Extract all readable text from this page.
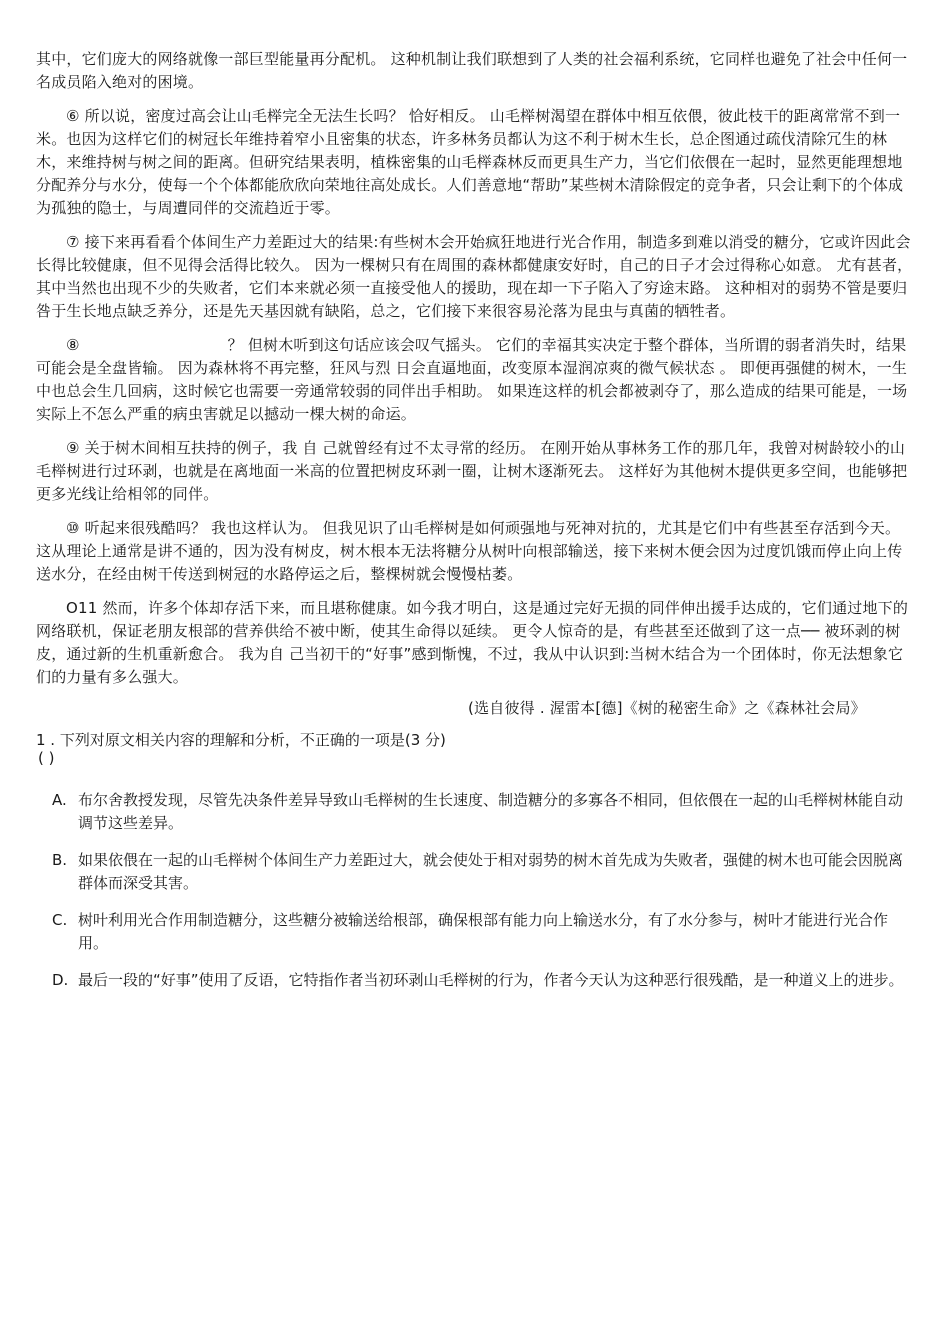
其中，它们庞大的网络就像一部巨型能量再分配机。 这种机制让我们联想到了人类的社会福利系统，它同样也避免了社会中任何一名成员陷入绝对的困境。

⑥ 所以说，密度过高会让山毛榉完全无法生长吗？ 恰好相反。 山毛榉树渴望在群体中相互依偎，彼此枝干的距离常常不到一米。也因为这样它们的树冠长年维持着窄小且密集的状态，许多林务员都认为这不利于树木生长，总企图通过疏伐清除冗生的林木，来维持树与树之间的距离。但研究结果表明，植株密集的山毛榉森林反而更具生产力，当它们依偎在一起时，显然更能理想地分配养分与水分，使每一个个体都能欣欣向荣地往高处成长。人们善意地“帮助”某些树木清除假定的竞争者，只会让剩下的个体成为孤独的隐士，与周遭同伴的交流趋近于零。

⑦ 接下来再看看个体间生产力差距过大的结果:有些树木会开始疯狂地进行光合作用，制造多到难以消受的糖分，它或许因此会长得比较健康，但不见得会活得比较久。 因为一棵树只有在周围的森林都健康安好时，自己的日子才会过得称心如意。 尤有甚者，其中当然也出现不少的失败者，它们本来就必须一直接受他人的援助，现在却一下子陷入了穷途末路。 这种相对的弱势不管是要归咎于生长地点缺乏养分，还是先天基因就有缺陷，总之，它们接下来很容易沦落为昆虫与真菌的牺牲者。

⑧	？ 但树木听到这句话应该会叹气摇头。 它们的幸福其实决定于整个群体，当所谓的弱者消失时，结果可能会是全盘皆输。 因为森林将不再完整，狂风与烈 日会直逼地面，改变原本湿润凉爽的微气候状态 。 即便再强健的树木，一生中也总会生几回病，这时候它也需要一旁通常较弱的同伴出手相助。 如果连这样的机会都被剥夺了，那么造成的结果可能是，一场实际上不怎么严重的病虫害就足以撼动一棵大树的命运。

⑨ 关于树木间相互扶持的例子，我 自 己就曾经有过不太寻常的经历。 在刚开始从事林务工作的那几年，我曾对树龄较小的山毛榉树进行过环剥，也就是在离地面一米高的位置把树皮环剥一圈，让树木逐渐死去。 这样好为其他树木提供更多空间，也能够把更多光线让给相邻的同伴。

⑩ 听起来很残酷吗？ 我也这样认为。 但我见识了山毛榉树是如何顽强地与死神对抗的，尤其是它们中有些甚至存活到今天。 这从理论上通常是讲不通的，因为没有树皮，树木根本无法将糖分从树叶向根部输送，接下来树木便会因为过度饥饿而停止向上传送水分，在经由树干传送到树冠的水路停运之后，整棵树就会慢慢枯萎。

O11 然而，许多个体却存活下来，而且堪称健康。如今我才明白，这是通过完好无损的同伴伸出援手达成的，它们通过地下的网络联机，保证老朋友根部的营养供给不被中断，使其生命得以延续。 更令人惊奇的是，有些甚至还做到了这一点── 被环剥的树皮，通过新的生机重新愈合。 我为自 己当初干的“好事”感到惭愧，不过，我从中认识到:当树木结合为一个团体时，你无法想象它们的力量有多么强大。

(选自彼得 . 渥雷本[德]《树的秘密生命》之《森林社会局》

1 . 下列对原文相关内容的理解和分析，不正确的一项是(3 分)
( )
A. 布尔舍教授发现，尽管先决条件差异导致山毛榉树的生长速度、制造糖分的多寡各不相同，但依偎在一起的山毛榉树林能自动调节这些差异。
B. 如果依偎在一起的山毛榉树个体间生产力差距过大，就会使处于相对弱势的树木首先成为失败者，强健的树木也可能会因脱离群体而深受其害。
C. 树叶利用光合作用制造糖分，这些糖分被输送给根部，确保根部有能力向上输送水分，有了水分参与，树叶才能进行光合作用。
D. 最后一段的“好事”使用了反语，它特指作者当初环剥山毛榉树的行为，作者今天认为这种恶行很残酷，是一种道义上的进步。
